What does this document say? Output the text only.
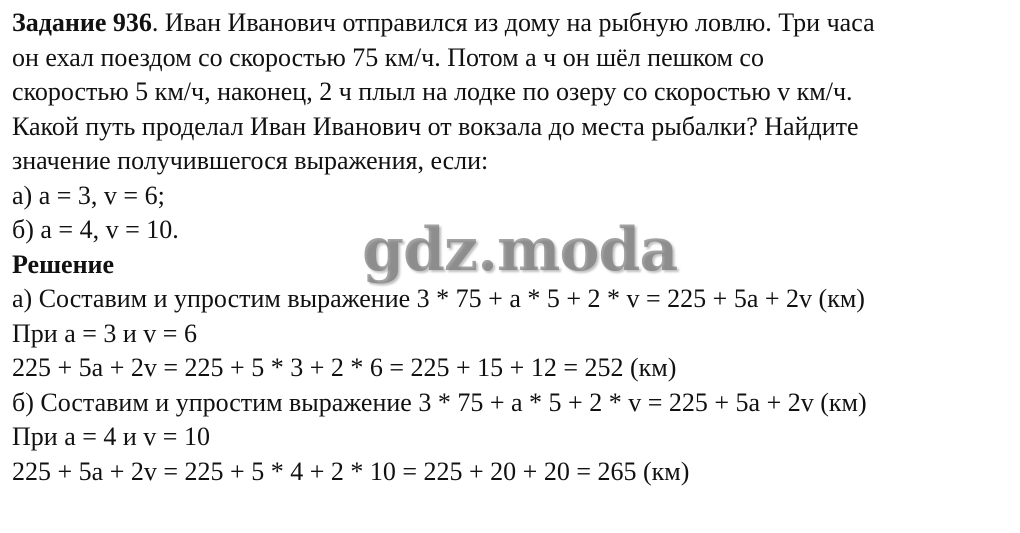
Задание 936. Иван Иванович отправился из дому на рыбную ловлю. Три часа

он ехал поездом со скоростью 75 км/ч. Потом а ч он шёл пешком со

скоростью 5 км/ч, наконец, 2 ч плыл на лодке по озеру со скоростью v км/ч.

Какой путь проделал Иван Иванович от вокзала до места рыбалки? Найдите

значение получившегося выражения, если:

а) a = 3, v = 6;

б) a = 4, v = 10.

Решение

а) Составим и упростим выражение 3 * 75 + a * 5 + 2 * v = 225 + 5a + 2v (км)

При a = 3 и v = 6

225 + 5a + 2v = 225 + 5 * 3 + 2 * 6 = 225 + 15 + 12 = 252 (км)

б) Составим и упростим выражение 3 * 75 + a * 5 + 2 * v = 225 + 5a + 2v (км)

При a = 4 и v = 10

225 + 5a + 2v = 225 + 5 * 4 + 2 * 10 = 225 + 20 + 20 = 265 (км)

gdz.moda
